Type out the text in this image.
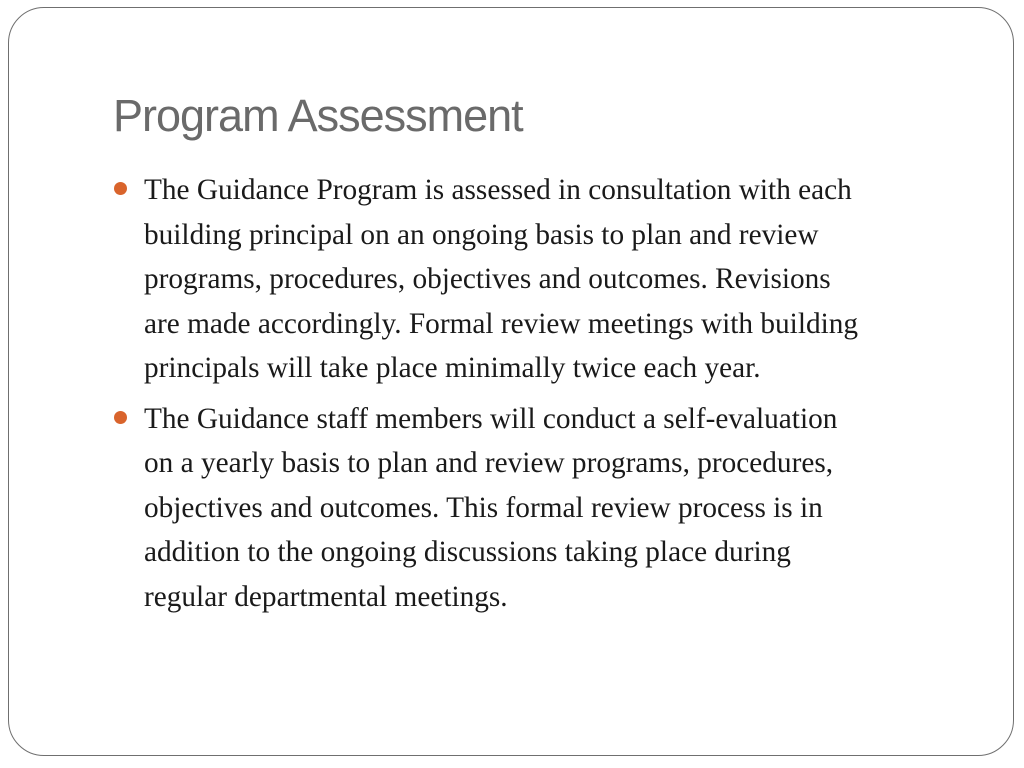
Program Assessment
The Guidance Program is assessed in consultation with each
building principal on an ongoing basis to plan and review
programs, procedures, objectives and outcomes. Revisions
are made accordingly. Formal review meetings with building
principals will take place minimally twice each year.
The Guidance staff members will conduct a self-evaluation
on a yearly basis to plan and review programs, procedures,
objectives and outcomes. This formal review process is in
addition to the ongoing discussions taking place during
regular departmental meetings.
